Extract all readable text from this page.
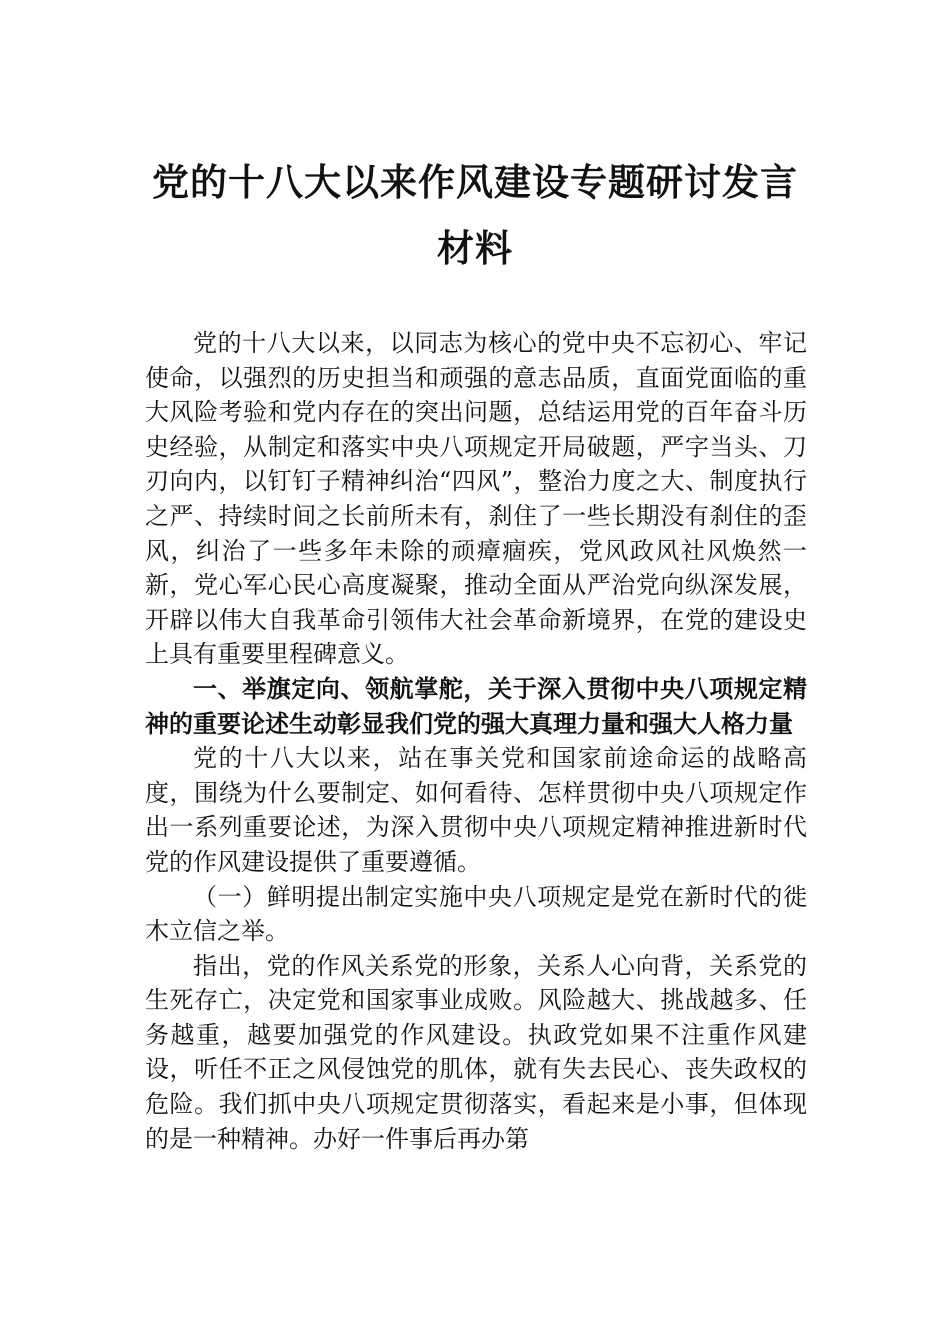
党的十八大以来作风建设专题研讨发言材料

党的十八大以来，以同志为核心的党中央不忘初心、牢记使命，以强烈的历史担当和顽强的意志品质，直面党面临的重大风险考验和党内存在的突出问题，总结运用党的百年奋斗历史经验，从制定和落实中央八项规定开局破题，严字当头、刀刃向内，以钉钉子精神纠治“四风”，整治力度之大、制度执行之严、持续时间之长前所未有，刹住了一些长期没有刹住的歪风，纠治了一些多年未除的顽瘴痼疾，党风政风社风焕然一新，党心军心民心高度凝聚，推动全面从严治党向纵深发展，开辟以伟大自我革命引领伟大社会革命新境界，在党的建设史上具有重要里程碑意义。

一、举旗定向、领航掌舵，关于深入贯彻中央八项规定精神的重要论述生动彰显我们党的强大真理力量和强大人格力量

党的十八大以来，站在事关党和国家前途命运的战略高度，围绕为什么要制定、如何看待、怎样贯彻中央八项规定作出一系列重要论述，为深入贯彻中央八项规定精神推进新时代党的作风建设提供了重要遵循。

（一）鲜明提出制定实施中央八项规定是党在新时代的徙木立信之举。

指出，党的作风关系党的形象，关系人心向背，关系党的生死存亡，决定党和国家事业成败。风险越大、挑战越多、任务越重，越要加强党的作风建设。执政党如果不注重作风建设，听任不正之风侵蚀党的肌体，就有失去民心、丧失政权的危险。我们抓中央八项规定贯彻落实，看起来是小事，但体现的是一种精神。办好一件事后再办第
